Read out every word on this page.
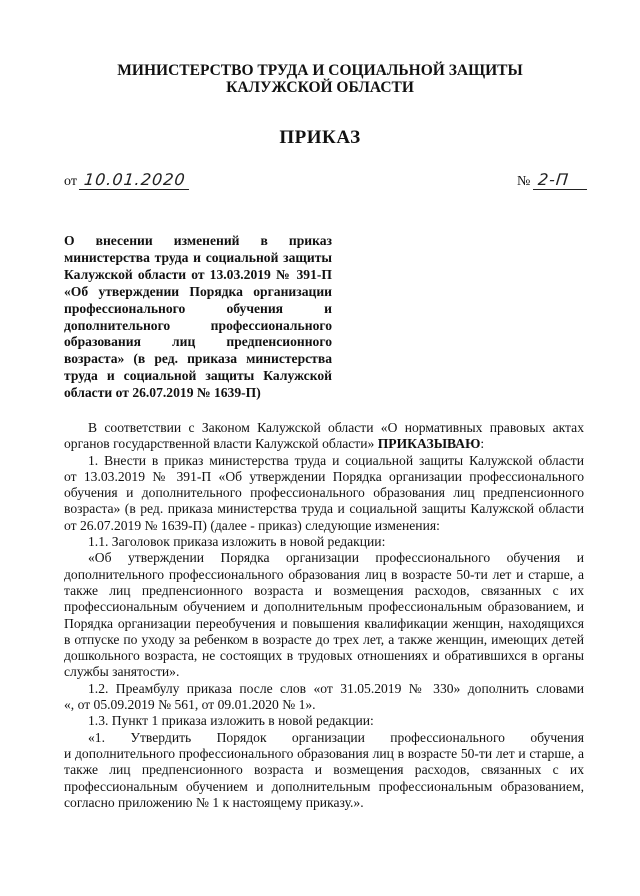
МИНИСТЕРСТВО ТРУДА И СОЦИАЛЬНОЙ ЗАЩИТЫ
КАЛУЖСКОЙ ОБЛАСТИ
ПРИКАЗ
от 10.01.2020	№ 2-П
О внесении изменений в приказ
министерства труда и социальной защиты
Калужской области от 13.03.2019 № 391-П
«Об утверждении Порядка организации
профессионального обучения и
дополнительного профессионального
образования лиц предпенсионного
возраста» (в ред. приказа министерства
труда и социальной защиты Калужской
области от 26.07.2019 № 1639-П)
В соответствии с Законом Калужской области «О нормативных правовых актах
органов государственной власти Калужской области» ПРИКАЗЫВАЮ:
1. Внести в приказ министерства труда и социальной защиты Калужской области
от 13.03.2019 № 391-П «Об утверждении Порядка организации профессионального
обучения и дополнительного профессионального образования лиц предпенсионного
возраста» (в ред. приказа министерства труда и социальной защиты Калужской области
от 26.07.2019 № 1639-П) (далее - приказ) следующие изменения:
1.1. Заголовок приказа изложить в новой редакции:
«Об утверждении Порядка организации профессионального обучения и
дополнительного профессионального образования лиц в возрасте 50-ти лет и старше, а
также лиц предпенсионного возраста и возмещения расходов, связанных с их
профессиональным обучением и дополнительным профессиональным образованием, и
Порядка организации переобучения и повышения квалификации женщин, находящихся
в отпуске по уходу за ребенком в возрасте до трех лет, а также женщин, имеющих детей
дошкольного возраста, не состоящих в трудовых отношениях и обратившихся в органы
службы занятости».
1.2. Преамбулу приказа после слов «от 31.05.2019 № 330» дополнить словами
«, от 05.09.2019 № 561, от 09.01.2020 № 1».
1.3. Пункт 1 приказа изложить в новой редакции:
«1. Утвердить Порядок организации профессионального обучения
и дополнительного профессионального образования лиц в возрасте 50-ти лет и старше, а
также лиц предпенсионного возраста и возмещения расходов, связанных с их
профессиональным обучением и дополнительным профессиональным образованием,
согласно приложению № 1 к настоящему приказу.».
